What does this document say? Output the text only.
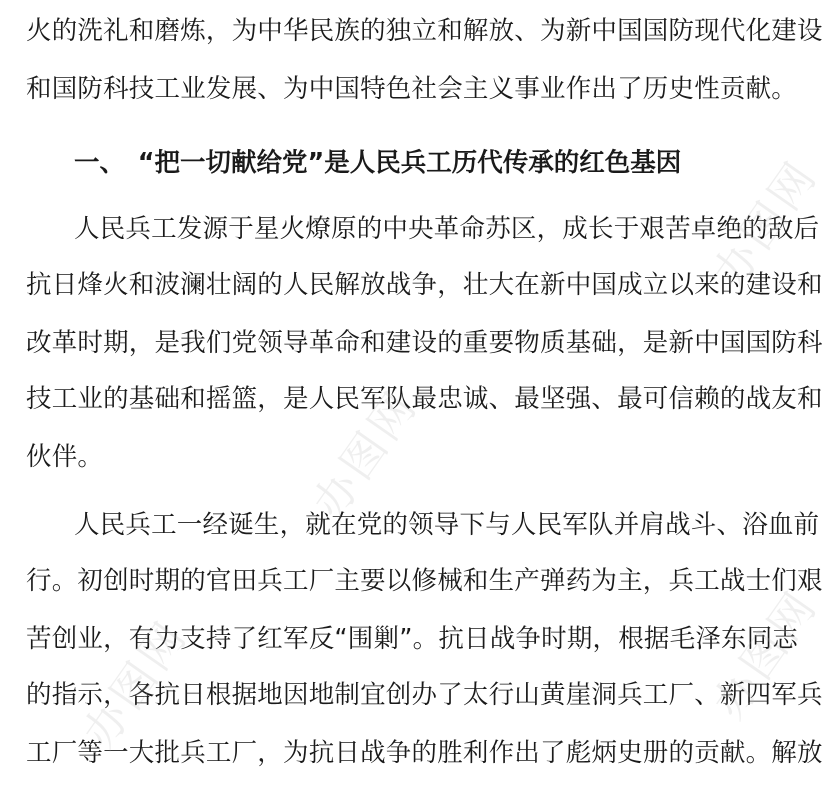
火的洗礼和磨炼，为中华民族的独立和解放、为新中国国防现代化建设
和国防科技工业发展、为中国特色社会主义事业作出了历史性贡献。
一、　“把一切献给党”是人民兵工历代传承的红色基因
人民兵工发源于星火燎原的中央革命苏区，成长于艰苦卓绝的敌后
抗日烽火和波澜壮阔的人民解放战争，壮大在新中国成立以来的建设和
改革时期，是我们党领导革命和建设的重要物质基础，是新中国国防科
技工业的基础和摇篮，是人民军队最忠诚、最坚强、最可信赖的战友和
伙伴。
人民兵工一经诞生，就在党的领导下与人民军队并肩战斗、浴血前
行。初创时期的官田兵工厂主要以修械和生产弹药为主，兵工战士们艰
苦创业，有力支持了红军反“围剿”。抗日战争时期，根据毛泽东同志
的指示，各抗日根据地因地制宜创办了太行山黄崖洞兵工厂、新四军兵
工厂等一大批兵工厂，为抗日战争的胜利作出了彪炳史册的贡献。解放
办图网
办图网
办图网
办图网
